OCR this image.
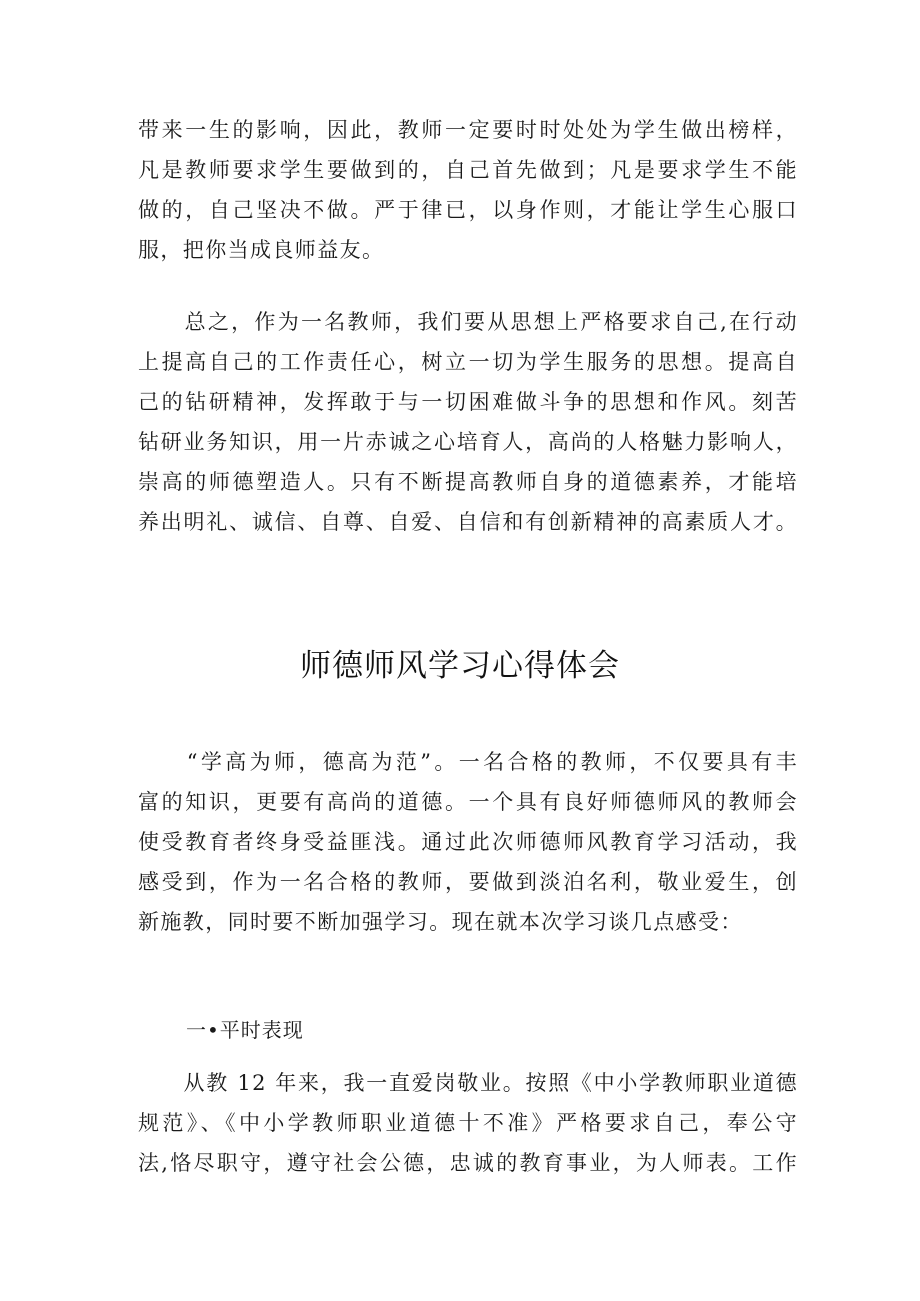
带来一生的影响，因此，教师一定要时时处处为学生做出榜样，
凡是教师要求学生要做到的，自己首先做到；凡是要求学生不能
做的，自己坚决不做。严于律已，以身作则，才能让学生心服口
服，把你当成良师益友。
　　总之，作为一名教师，我们要从思想上严格要求自己,在行动
上提高自己的工作责任心，树立一切为学生服务的思想。提高自
己的钻研精神，发挥敢于与一切困难做斗争的思想和作风。刻苦
钻研业务知识，用一片赤诚之心培育人，高尚的人格魅力影响人，
崇高的师德塑造人。只有不断提高教师自身的道德素养，才能培
养出明礼、诚信、自尊、自爱、自信和有创新精神的高素质人才。
师德师风学习心得体会
　　“学高为师，德高为范”。一名合格的教师，不仅要具有丰
富的知识，更要有高尚的道德。一个具有良好师德师风的教师会
使受教育者终身受益匪浅。通过此次师德师风教育学习活动，我
感受到，作为一名合格的教师，要做到淡泊名利，敬业爱生，创
新施教，同时要不断加强学习。现在就本次学习谈几点感受：
一•平时表现
　　从教 12 年来，我一直爱岗敬业。按照《中小学教师职业道德
规范》、《中小学教师职业道德十不准》严格要求自己，奉公守
法,恪尽职守，遵守社会公德，忠诚的教育事业，为人师表。工作
